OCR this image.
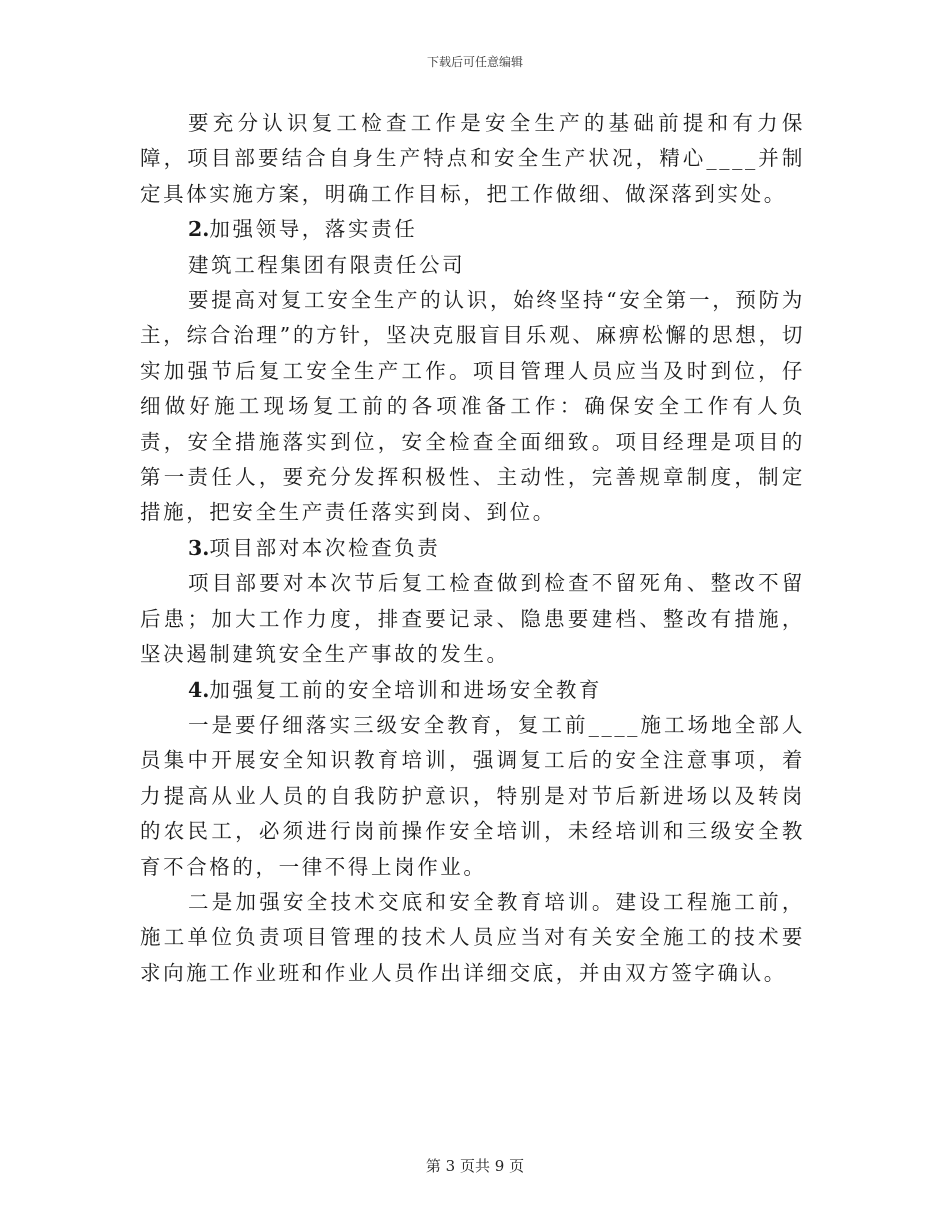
下载后可任意编辑

要充分认识复工检查工作是安全生产的基础前提和有力保障，项目部要结合自身生产特点和安全生产状况，精心____并制定具体实施方案，明确工作目标，把工作做细、做深落到实处。

2.加强领导，落实责任

建筑工程集团有限责任公司

要提高对复工安全生产的认识，始终坚持“安全第一，预防为主，综合治理”的方针，坚决克服盲目乐观、麻痹松懈的思想，切实加强节后复工安全生产工作。项目管理人员应当及时到位，仔细做好施工现场复工前的各项准备工作：确保安全工作有人负责，安全措施落实到位，安全检查全面细致。项目经理是项目的第一责任人，要充分发挥积极性、主动性，完善规章制度，制定措施，把安全生产责任落实到岗、到位。

3.项目部对本次检查负责

项目部要对本次节后复工检查做到检查不留死角、整改不留后患；加大工作力度，排查要记录、隐患要建档、整改有措施，坚决遏制建筑安全生产事故的发生。

4.加强复工前的安全培训和进场安全教育

一是要仔细落实三级安全教育，复工前____施工场地全部人员集中开展安全知识教育培训，强调复工后的安全注意事项，着力提高从业人员的自我防护意识，特别是对节后新进场以及转岗的农民工，必须进行岗前操作安全培训，未经培训和三级安全教育不合格的，一律不得上岗作业。

二是加强安全技术交底和安全教育培训。建设工程施工前，施工单位负责项目管理的技术人员应当对有关安全施工的技术要求向施工作业班和作业人员作出详细交底，并由双方签字确认。

第 3 页共 9 页
